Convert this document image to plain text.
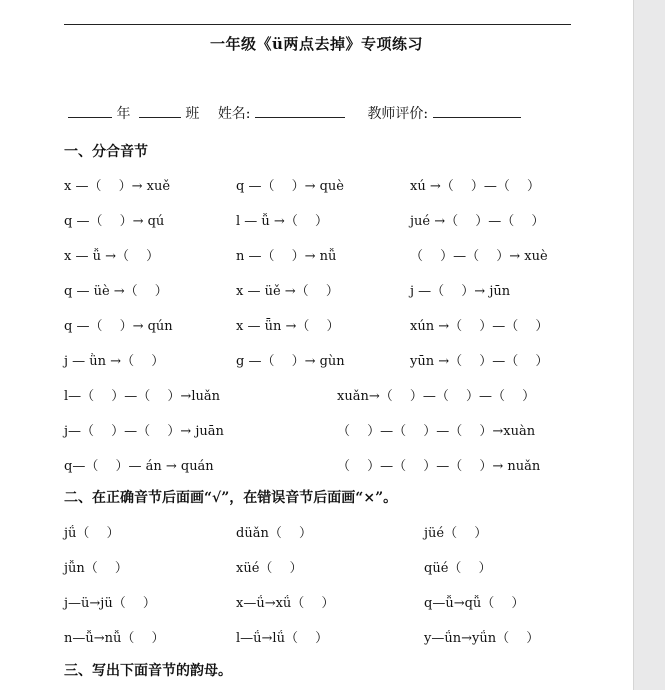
一年级《ü两点去掉》专项练习
年	班 姓名:	教师评价:
一、分合音节
x —（　 ）→ xuě	q —（　 ）→ què	xú →（　 ）—（　 ）
q —（　 ）→ qú	l — ǚ →（　 ）	jué →（　 ）—（　 ）
x — ǚ →（　 ）	n —（　 ）→ nǚ	（　 ）—（　 ）→ xuè
q — üè →（　 ）	x — üě →（　 ）	j —（　 ）→ jūn
q —（　 ）→ qún	x — ǖn →（　 ）	xún →（　 ）—（　 ）
j — ǜn →（　 ）	g —（　 ）→ gùn	yūn →（　 ）—（　 ）
l—（　 ）—（　 ）→luǎn	xuǎn→（　 ）—（　 ）—（　 ）
j—（　 ）—（　 ）→ juān	（　 ）—（　 ）—（　 ）→xuàn
q—（　 ）— án → quán	（　 ）—（　 ）—（　 ）→ nuǎn
二、在正确音节后面画“√”，在错误音节后面画“×”。
jǘ（　 ）	düǎn（　 ）	jüé（　 ）
jǚn（　 ）	xüé（　 ）	qüé（　 ）
j—ü→jü（　 ）	x—ǘ→xǘ（　 ）	q—ǚ→qǚ（　 ）
n—ǚ→nǚ（　 ）	l—ǘ→lǘ（　 ）	y—ǘn→yǘn（　 ）
三、写出下面音节的韵母。
